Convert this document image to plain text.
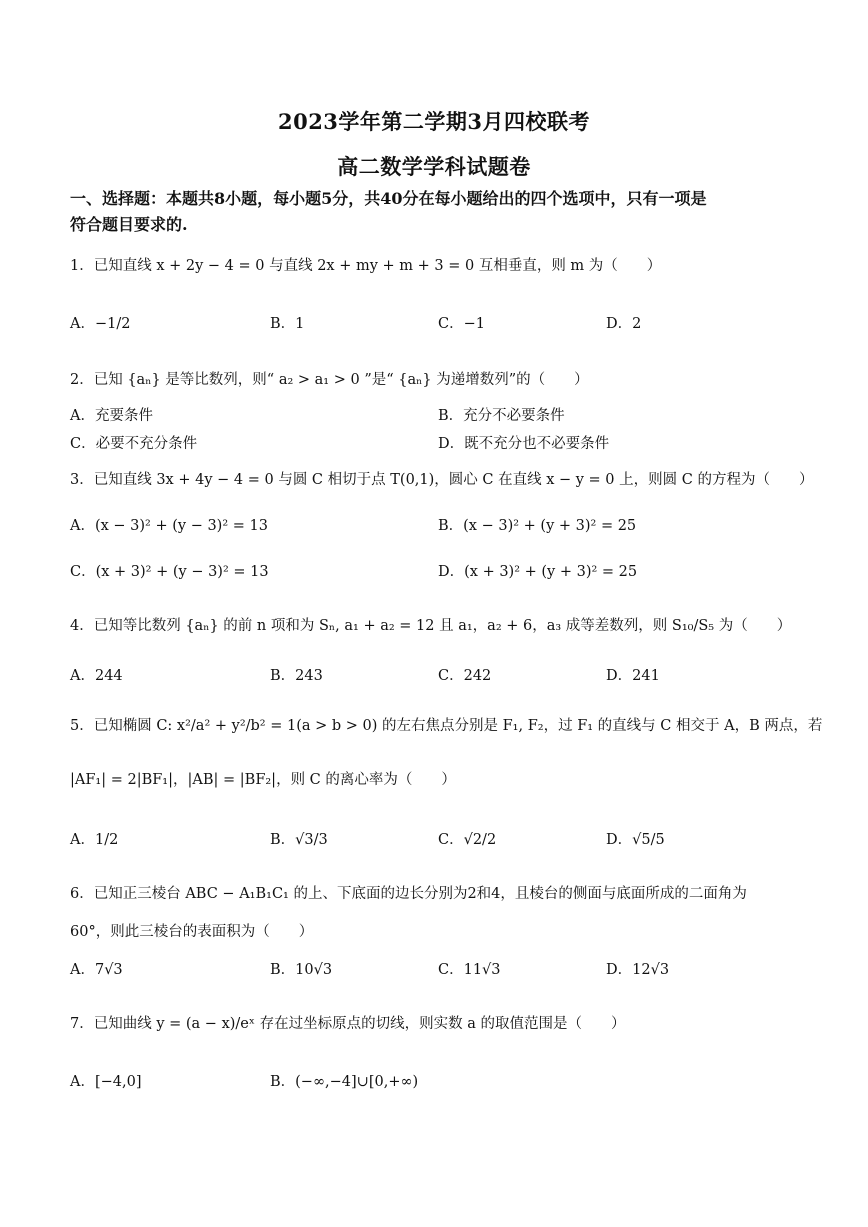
2023学年第二学期3月四校联考
高二数学学科试题卷
一、选择题：本题共8小题，每小题5分，共40分在每小题给出的四个选项中，只有一项是
符合题目要求的.
1．已知直线 x + 2y − 4 = 0 与直线 2x + my + m + 3 = 0 互相垂直，则 m 为（　　）
A．−1/2	B．1	C．−1	D．2
2．已知 {aₙ} 是等比数列，则“ a₂ > a₁ > 0 ”是“ {aₙ} 为递增数列”的（　　）
A．充要条件	B．充分不必要条件
C．必要不充分条件	D．既不充分也不必要条件
3．已知直线 3x + 4y − 4 = 0 与圆 C 相切于点 T(0,1)，圆心 C 在直线 x − y = 0 上，则圆 C 的方程为（　　）
A．(x − 3)² + (y − 3)² = 13	B．(x − 3)² + (y + 3)² = 25
C．(x + 3)² + (y − 3)² = 13	D．(x + 3)² + (y + 3)² = 25
4．已知等比数列 {aₙ} 的前 n 项和为 Sₙ, a₁ + a₂ = 12 且 a₁，a₂ + 6，a₃ 成等差数列，则 S₁₀/S₅ 为（　　）
A．244	B．243	C．242	D．241
5．已知椭圆 C: x²/a² + y²/b² = 1(a > b > 0) 的左右焦点分别是 F₁, F₂，过 F₁ 的直线与 C 相交于 A，B 两点，若
|AF₁| = 2|BF₁|，|AB| = |BF₂|，则 C 的离心率为（　　）
A．1/2	B．√3/3	C．√2/2	D．√5/5
6．已知正三棱台 ABC − A₁B₁C₁ 的上、下底面的边长分别为2和4，且棱台的侧面与底面所成的二面角为
60°，则此三棱台的表面积为（　　）
A．7√3	B．10√3	C．11√3	D．12√3
7．已知曲线 y = (a − x)/eˣ 存在过坐标原点的切线，则实数 a 的取值范围是（　　）
A．[−4,0]	B．(−∞,−4]∪[0,+∞)
